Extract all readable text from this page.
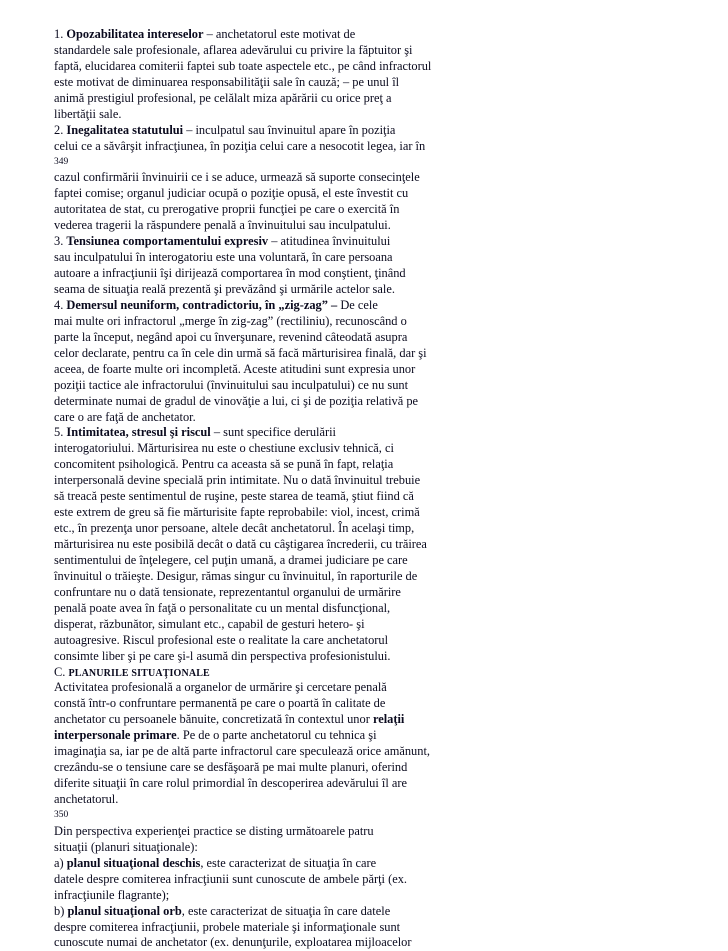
1. Opozabilitatea intereselor – anchetatorul este motivat de
standardele sale profesionale, aflarea adevărului cu privire la făptuitor şi
faptă, elucidarea comiterii faptei sub toate aspectele etc., pe când infractorul
este motivat de diminuarea responsabilităţii sale în cauză; – pe unul îl
animă prestigiul profesional, pe celălalt miza apărării cu orice preţ a
libertăţii sale.
2. Inegalitatea statutului – inculpatul sau învinuitul apare în poziţia
celui ce a săvârşit infracţiunea, în poziţia celui care a nesocotit legea, iar în
349
cazul confirmării învinuirii ce i se aduce, urmează să suporte consecinţele
faptei comise; organul judiciar ocupă o poziţie opusă, el este învestit cu
autoritatea de stat, cu prerogative proprii funcţiei pe care o exercită în
vederea tragerii la răspundere penală a învinuitului sau inculpatului.
3. Tensiunea comportamentului expresiv – atitudinea învinuitului
sau inculpatului în interogatoriu este una voluntară, în care persoana
autoare a infracţiunii îşi dirijează comportarea în mod conştient, ţinând
seama de situaţia reală prezentă şi prevăzând şi urmările actelor sale.
4. Demersul neuniform, contradictoriu, în „zig-zag” – De cele
mai multe ori infractorul „merge în zig-zag” (rectiliniu), recunoscând o
parte la început, negând apoi cu înverşunare, revenind câteodată asupra
celor declarate, pentru ca în cele din urmă să facă mărturisirea finală, dar şi
aceea, de foarte multe ori incompletă. Aceste atitudini sunt expresia unor
poziţii tactice ale infractorului (învinuitului sau inculpatului) ce nu sunt
determinate numai de gradul de vinovăţie a lui, ci şi de poziţia relativă pe
care o are faţă de anchetator.
5. Intimitatea, stresul şi riscul – sunt specifice derulării
interogatoriului. Mărturisirea nu este o chestiune exclusiv tehnică, ci
concomitent psihologică. Pentru ca aceasta să se pună în fapt, relaţia
interpersonală devine specială prin intimitate. Nu o dată învinuitul trebuie
să treacă peste sentimentul de ruşine, peste starea de teamă, ştiut fiind că
este extrem de greu să fie mărturisite fapte reprobabile: viol, incest, crimă
etc., în prezenţa unor persoane, altele decât anchetatorul. În acelaşi timp,
mărturisirea nu este posibilă decât o dată cu câştigarea încrederii, cu trăirea
sentimentului de înţelegere, cel puţin umană, a dramei judiciare pe care
învinuitul o trăieşte. Desigur, rămas singur cu învinuitul, în raporturile de
confruntare nu o dată tensionate, reprezentantul organului de urmărire
penală poate avea în faţă o personalitate cu un mental disfuncţional,
disperat, răzbunător, simulant etc., capabil de gesturi hetero- şi
autoagresive. Riscul profesional este o realitate la care anchetatorul
consimte liber şi pe care şi-l asumă din perspectiva profesionistului.
C. PLANURILE SITUAŢIONALE
Activitatea profesională a organelor de urmărire şi cercetare penală
constă într-o confruntare permanentă pe care o poartă în calitate de
anchetator cu persoanele bănuite, concretizată în contextul unor relaţii
interpersonale primare. Pe de o parte anchetatorul cu tehnica şi
imaginaţia sa, iar pe de altă parte infractorul care speculează orice amănunt,
crezându-se o tensiune care se desfăşoară pe mai multe planuri, oferind
diferite situaţii în care rolul primordial în descoperirea adevărului îl are
anchetatorul.
350
Din perspectiva experienţei practice se disting următoarele patru
situaţii (planuri situaţionale):
a) planul situaţional deschis, este caracterizat de situaţia în care
datele despre comiterea infracţiunii sunt cunoscute de ambele părţi (ex.
infracţiunile flagrante);
b) planul situaţional orb, este caracterizat de situaţia în care datele
despre comiterea infracţiunii, probele materiale şi informaţionale sunt
cunoscute numai de anchetator (ex. denunţurile, exploatarea mijloacelor
